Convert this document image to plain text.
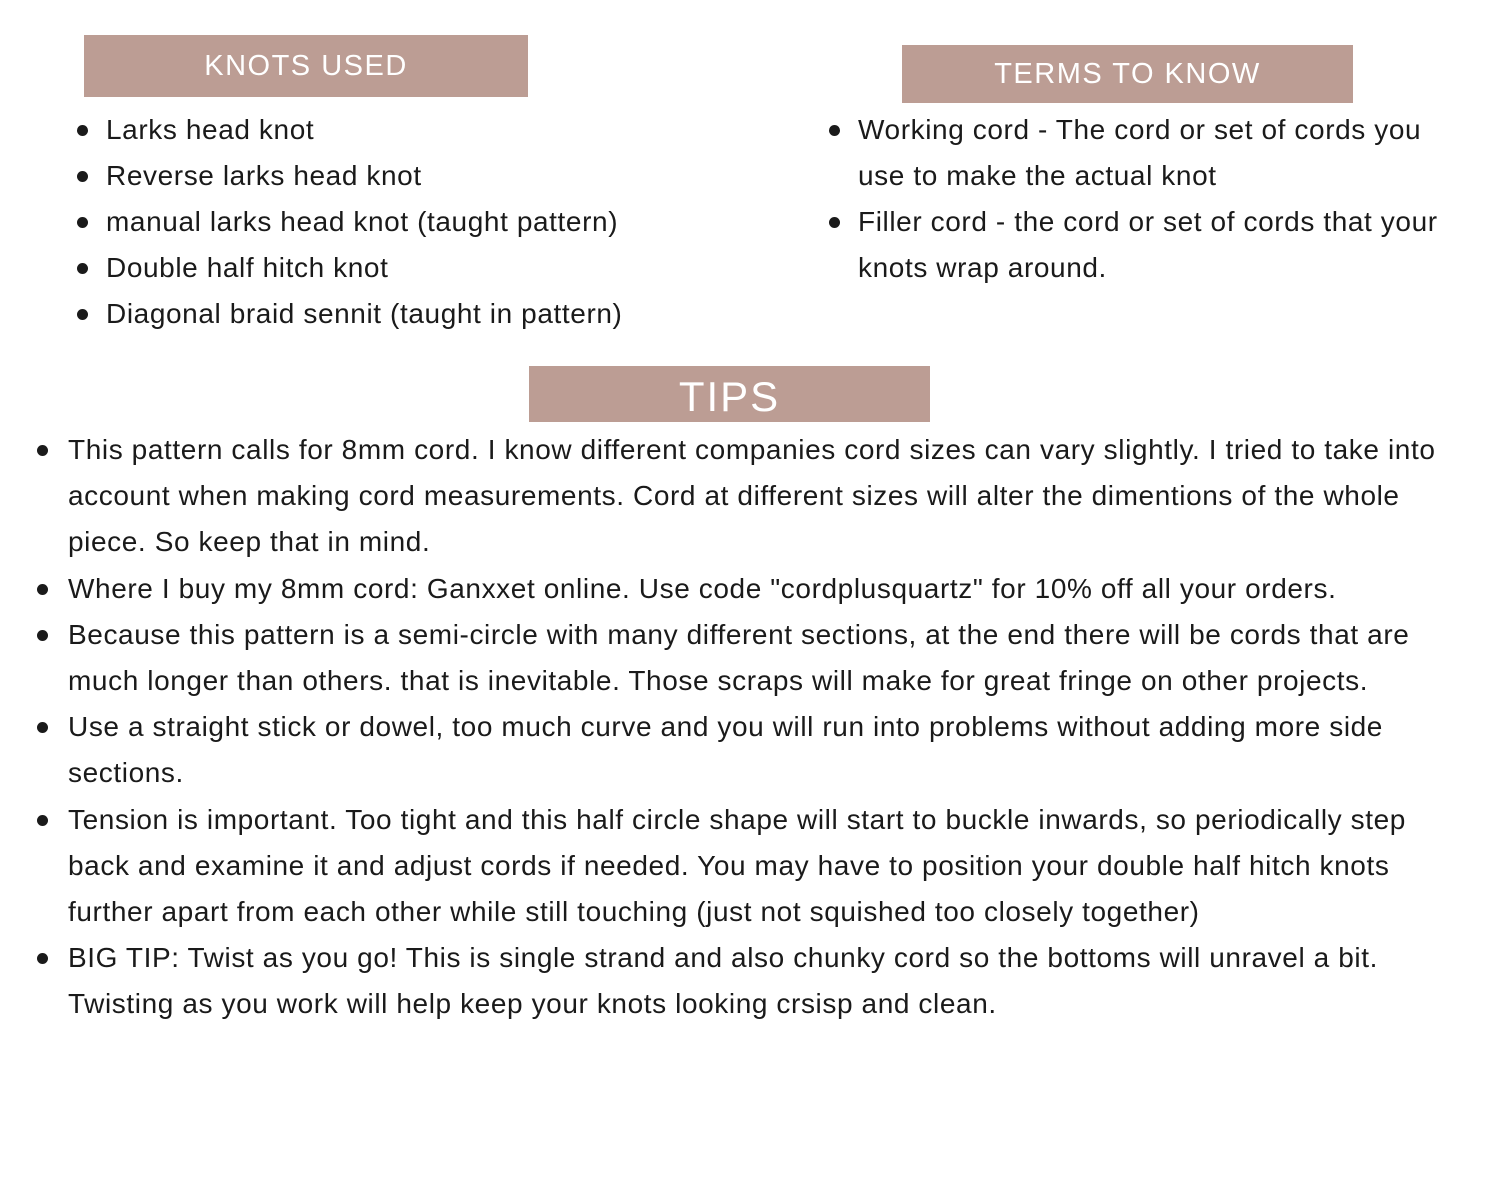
KNOTS USED
Larks head knot
Reverse larks head knot
manual larks head knot (taught pattern)
Double half hitch knot
Diagonal braid sennit (taught in pattern)
TERMS TO KNOW
Working cord - The cord or set of cords you use to make the actual knot
Filler cord - the cord or set of cords that your knots wrap around.
TIPS
This pattern calls for 8mm cord. I know different companies cord sizes can vary slightly. I tried to take into account when making cord measurements. Cord at different sizes will alter the dimentions of the whole piece. So keep that in mind.
Where I buy my 8mm cord: Ganxxet online. Use code "cordplusquartz" for 10% off all your orders.
Because this pattern is a semi-circle with many different sections, at the end there will be cords that are much longer than others. that is inevitable. Those scraps will make for great fringe on other projects.
Use a straight stick or dowel, too much curve and you will run into problems without adding more side sections.
Tension is important. Too tight and this half circle shape will start to buckle inwards, so periodically step back and examine it and adjust cords if needed. You may have to position your double half hitch knots further apart from each other while still touching (just not squished too closely together)
BIG TIP: Twist as you go! This is single strand and also chunky cord so the bottoms will unravel a bit. Twisting as you work will help keep your knots looking crsisp and clean.
